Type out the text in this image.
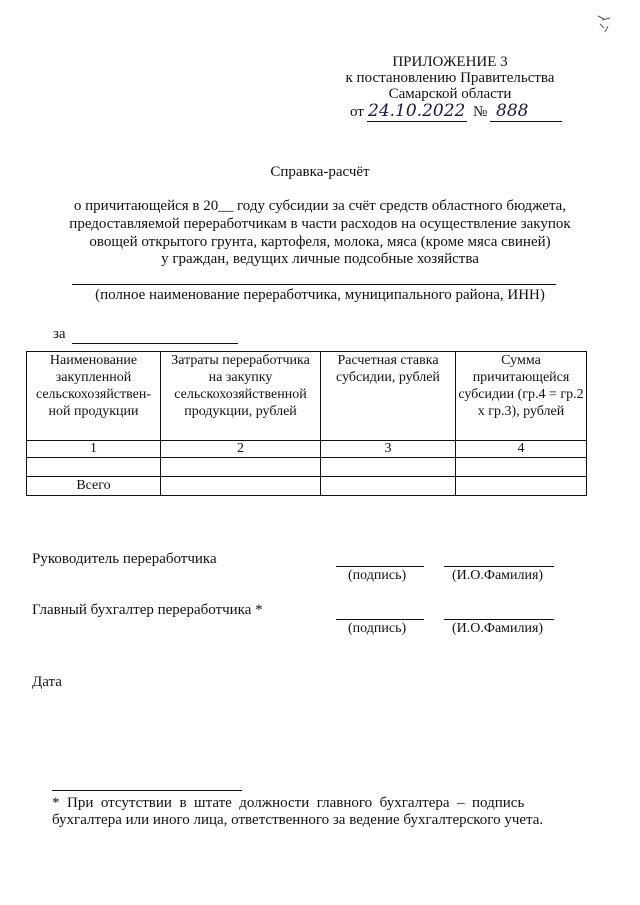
ПРИЛОЖЕНИЕ 3
к постановлению Правительства
Самарской области
от 24.10.2022 № 888
Справка-расчёт
о причитающейся в 20__ году субсидии за счёт средств областного бюджета,
предоставляемой переработчикам в части расходов на осуществление закупок
овощей открытого грунта, картофеля, молока, мяса (кроме мяса свиней)
у граждан, ведущих личные подсобные хозяйства
(полное наименование переработчика, муниципального района, ИНН)
за
Наименование закупленной сельскохозяйствен-ной продукции	Затраты переработчика на закупку сельскохозяйственной продукции, рублей	Расчетная ставка субсидии, рублей	Сумма причитающейся субсидии (гр.4 = гр.2 х гр.3), рублей
1	2	3	4

Всего			
Руководитель переработчика
(подпись)	(И.О.Фамилия)
Главный бухгалтер переработчика *
(подпись)	(И.О.Фамилия)
Дата
*  При  отсутствии  в  штате  должности  главного  бухгалтера  –  подпись
бухгалтера или иного лица, ответственного за ведение бухгалтерского учета.
